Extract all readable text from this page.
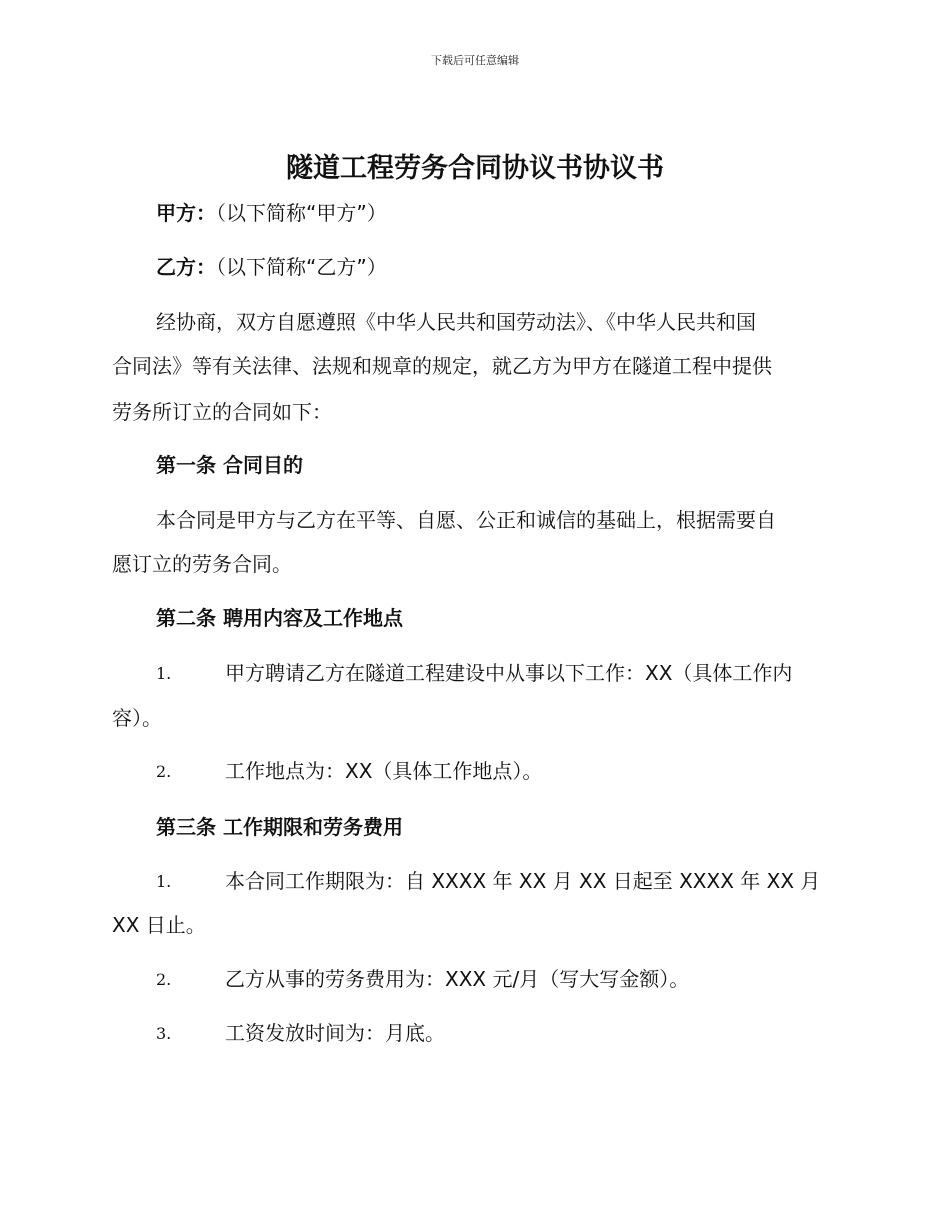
下载后可任意编辑
隧道工程劳务合同协议书协议书
甲方：（以下简称“甲方”）
乙方：（以下简称“乙方”）
经协商，双方自愿遵照《中华人民共和国劳动法》、《中华人民共和国
合同法》等有关法律、法规和规章的规定，就乙方为甲方在隧道工程中提供
劳务所订立的合同如下：
第一条 合同目的
本合同是甲方与乙方在平等、自愿、公正和诚信的基础上，根据需要自
愿订立的劳务合同。
第二条 聘用内容及工作地点
1.	甲方聘请乙方在隧道工程建设中从事以下工作：XX（具体工作内
容）。
2.	工作地点为：XX（具体工作地点）。
第三条 工作期限和劳务费用
1.	本合同工作期限为：自 XXXX 年 XX 月 XX 日起至 XXXX 年 XX 月
XX 日止。
2.	乙方从事的劳务费用为：XXX 元/月（写大写金额）。
3.	工资发放时间为：月底。
